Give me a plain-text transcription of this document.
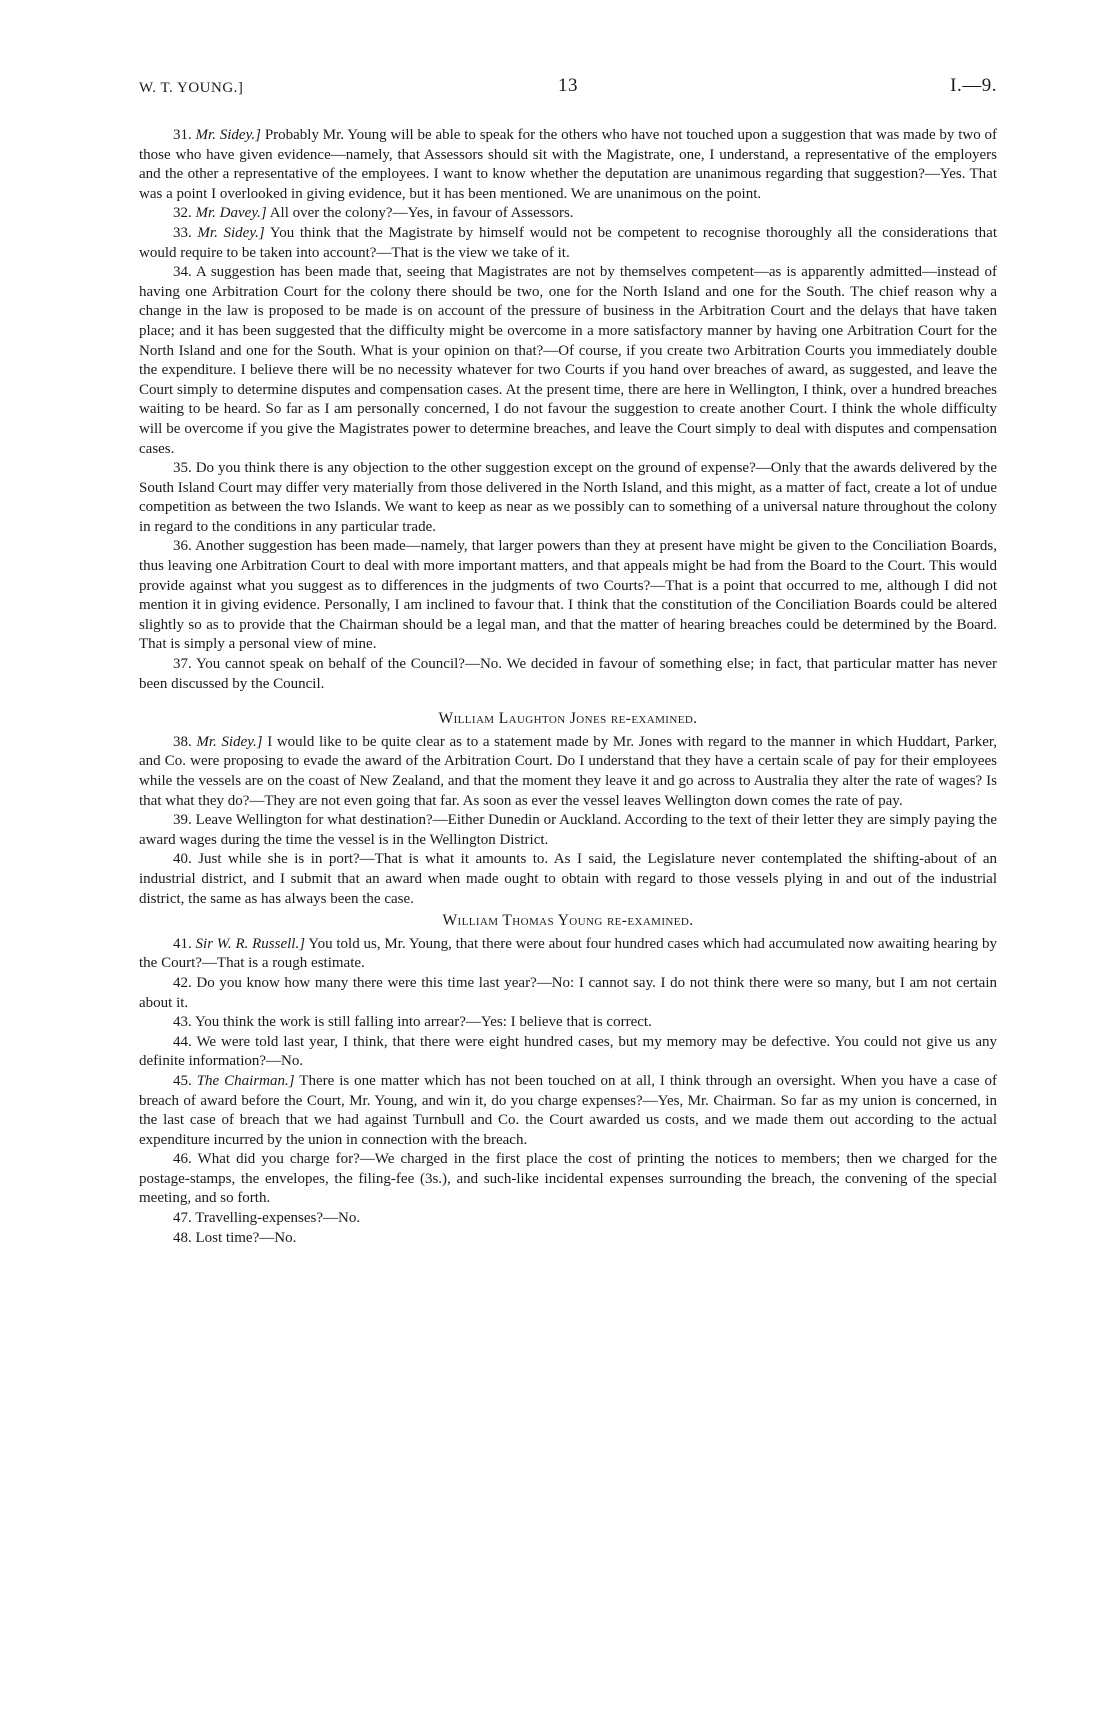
W. T. YOUNG.]	13	I.—9.

31. Mr. Sidey.] Probably Mr. Young will be able to speak for the others who have not touched upon a suggestion that was made by two of those who have given evidence—namely, that Assessors should sit with the Magistrate, one, I understand, a representative of the employers and the other a representative of the employees. I want to know whether the deputation are unanimous regarding that suggestion?—Yes. That was a point I overlooked in giving evidence, but it has been mentioned. We are unanimous on the point.

32. Mr. Davey.] All over the colony?—Yes, in favour of Assessors.

33. Mr. Sidey.] You think that the Magistrate by himself would not be competent to recognise thoroughly all the considerations that would require to be taken into account?—That is the view we take of it.

34. A suggestion has been made that, seeing that Magistrates are not by themselves competent—as is apparently admitted—instead of having one Arbitration Court for the colony there should be two, one for the North Island and one for the South. The chief reason why a change in the law is proposed to be made is on account of the pressure of business in the Arbitration Court and the delays that have taken place; and it has been suggested that the difficulty might be overcome in a more satisfactory manner by having one Arbitration Court for the North Island and one for the South. What is your opinion on that?—Of course, if you create two Arbitration Courts you immediately double the expenditure. I believe there will be no necessity whatever for two Courts if you hand over breaches of award, as suggested, and leave the Court simply to determine disputes and compensation cases. At the present time, there are here in Wellington, I think, over a hundred breaches waiting to be heard. So far as I am personally concerned, I do not favour the suggestion to create another Court. I think the whole difficulty will be overcome if you give the Magistrates power to determine breaches, and leave the Court simply to deal with disputes and compensation cases.

35. Do you think there is any objection to the other suggestion except on the ground of expense?—Only that the awards delivered by the South Island Court may differ very materially from those delivered in the North Island, and this might, as a matter of fact, create a lot of undue competition as between the two Islands. We want to keep as near as we possibly can to something of a universal nature throughout the colony in regard to the conditions in any particular trade.

36. Another suggestion has been made—namely, that larger powers than they at present have might be given to the Conciliation Boards, thus leaving one Arbitration Court to deal with more important matters, and that appeals might be had from the Board to the Court. This would provide against what you suggest as to differences in the judgments of two Courts?—That is a point that occurred to me, although I did not mention it in giving evidence. Personally, I am inclined to favour that. I think that the constitution of the Conciliation Boards could be altered slightly so as to provide that the Chairman should be a legal man, and that the matter of hearing breaches could be determined by the Board. That is simply a personal view of mine.

37. You cannot speak on behalf of the Council?—No. We decided in favour of something else; in fact, that particular matter has never been discussed by the Council.

William Laughton Jones re-examined.

38. Mr. Sidey.] I would like to be quite clear as to a statement made by Mr. Jones with regard to the manner in which Huddart, Parker, and Co. were proposing to evade the award of the Arbitration Court. Do I understand that they have a certain scale of pay for their employees while the vessels are on the coast of New Zealand, and that the moment they leave it and go across to Australia they alter the rate of wages? Is that what they do?—They are not even going that far. As soon as ever the vessel leaves Wellington down comes the rate of pay.

39. Leave Wellington for what destination?—Either Dunedin or Auckland. According to the text of their letter they are simply paying the award wages during the time the vessel is in the Wellington District.

40. Just while she is in port?—That is what it amounts to. As I said, the Legislature never contemplated the shifting-about of an industrial district, and I submit that an award when made ought to obtain with regard to those vessels plying in and out of the industrial district, the same as has always been the case.

William Thomas Young re-examined.

41. Sir W. R. Russell.] You told us, Mr. Young, that there were about four hundred cases which had accumulated now awaiting hearing by the Court?—That is a rough estimate.

42. Do you know how many there were this time last year?—No: I cannot say. I do not think there were so many, but I am not certain about it.

43. You think the work is still falling into arrear?—Yes: I believe that is correct.

44. We were told last year, I think, that there were eight hundred cases, but my memory may be defective. You could not give us any definite information?—No.

45. The Chairman.] There is one matter which has not been touched on at all, I think through an oversight. When you have a case of breach of award before the Court, Mr. Young, and win it, do you charge expenses?—Yes, Mr. Chairman. So far as my union is concerned, in the last case of breach that we had against Turnbull and Co. the Court awarded us costs, and we made them out according to the actual expenditure incurred by the union in connection with the breach.

46. What did you charge for?—We charged in the first place the cost of printing the notices to members; then we charged for the postage-stamps, the envelopes, the filing-fee (3s.), and such-like incidental expenses surrounding the breach, the convening of the special meeting, and so forth.

47. Travelling-expenses?—No.

48. Lost time?—No.
